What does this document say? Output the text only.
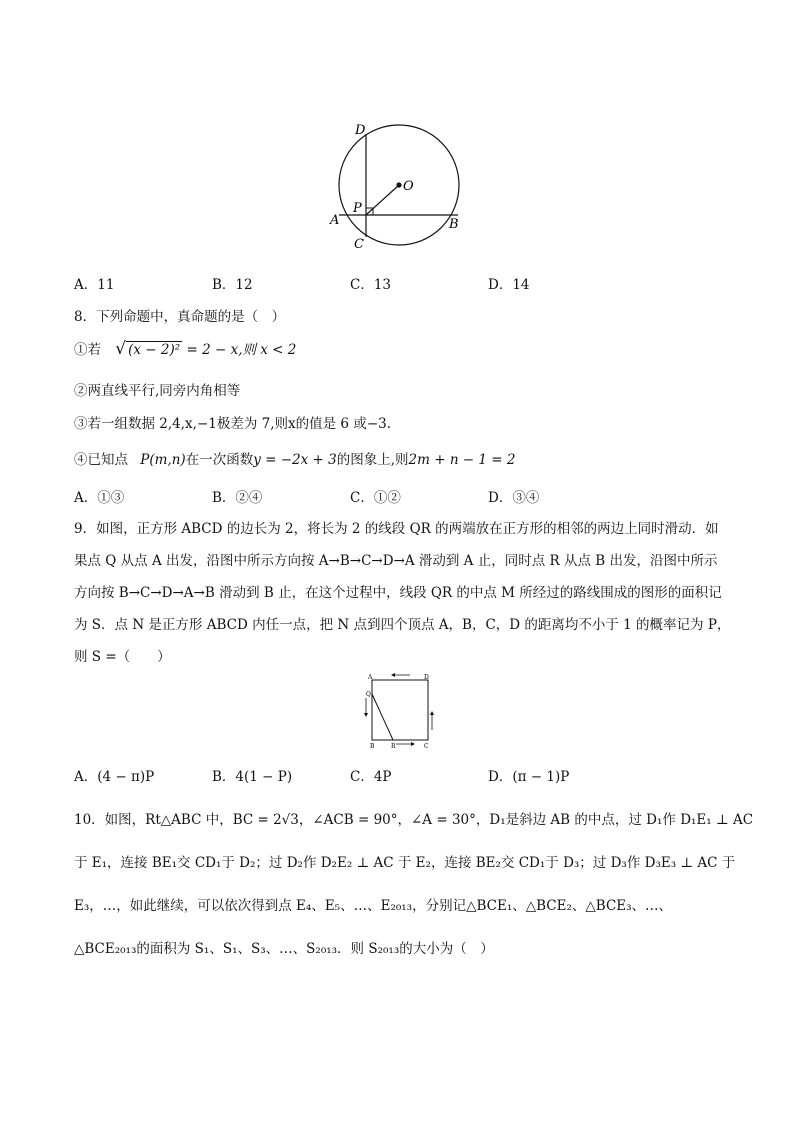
D
O
P
A	B
C
A．11	B．12	C．13	D．14
8．下列命题中，真命题的是（　）
①若 √ (x − 2)² = 2 − x,则 x < 2
②两直线平行,同旁内角相等
③若一组数据 2,4,x,−1极差为 7,则x的值是 6 或−3.
④已知点 P(m,n)在一次函数y = −2x + 3的图象上,则2m + n − 1 = 2
A．①③	B．②④	C．①②	D．③④
9．如图，正方形 ABCD 的边长为 2，将长为 2 的线段 QR 的两端放在正方形的相邻的两边上同时滑动．如
果点 Q 从点 A 出发，沿图中所示方向按 A→B→C→D→A 滑动到 A 止，同时点 R 从点 B 出发，沿图中所示
方向按 B→C→D→A→B 滑动到 B 止，在这个过程中，线段 QR 的中点 M 所经过的路线围成的图形的面积记
为 S．点 N 是正方形 ABCD 内任一点，把 N 点到四个顶点 A，B，C，D 的距离均不小于 1 的概率记为 P，
则 S =（　　）
A	D
Q
B	R	C
A．(4 − π)P	B．4(1 − P)	C．4P	D．(π − 1)P
10．如图，Rt△ABC 中，BC = 2√3，∠ACB = 90°，∠A = 30°，D₁是斜边 AB 的中点，过 D₁作 D₁E₁ ⊥ AC
于 E₁，连接 BE₁交 CD₁于 D₂；过 D₂作 D₂E₂ ⊥ AC 于 E₂，连接 BE₂交 CD₁于 D₃；过 D₃作 D₃E₃ ⊥ AC 于
E₃，…，如此继续，可以依次得到点 E₄、E₅、…、E₂₀₁₃，分别记△BCE₁、△BCE₂、△BCE₃、…、
△BCE₂₀₁₃的面积为 S₁、S₁、S₃、…、S₂₀₁₃．则 S₂₀₁₃的大小为（　）
